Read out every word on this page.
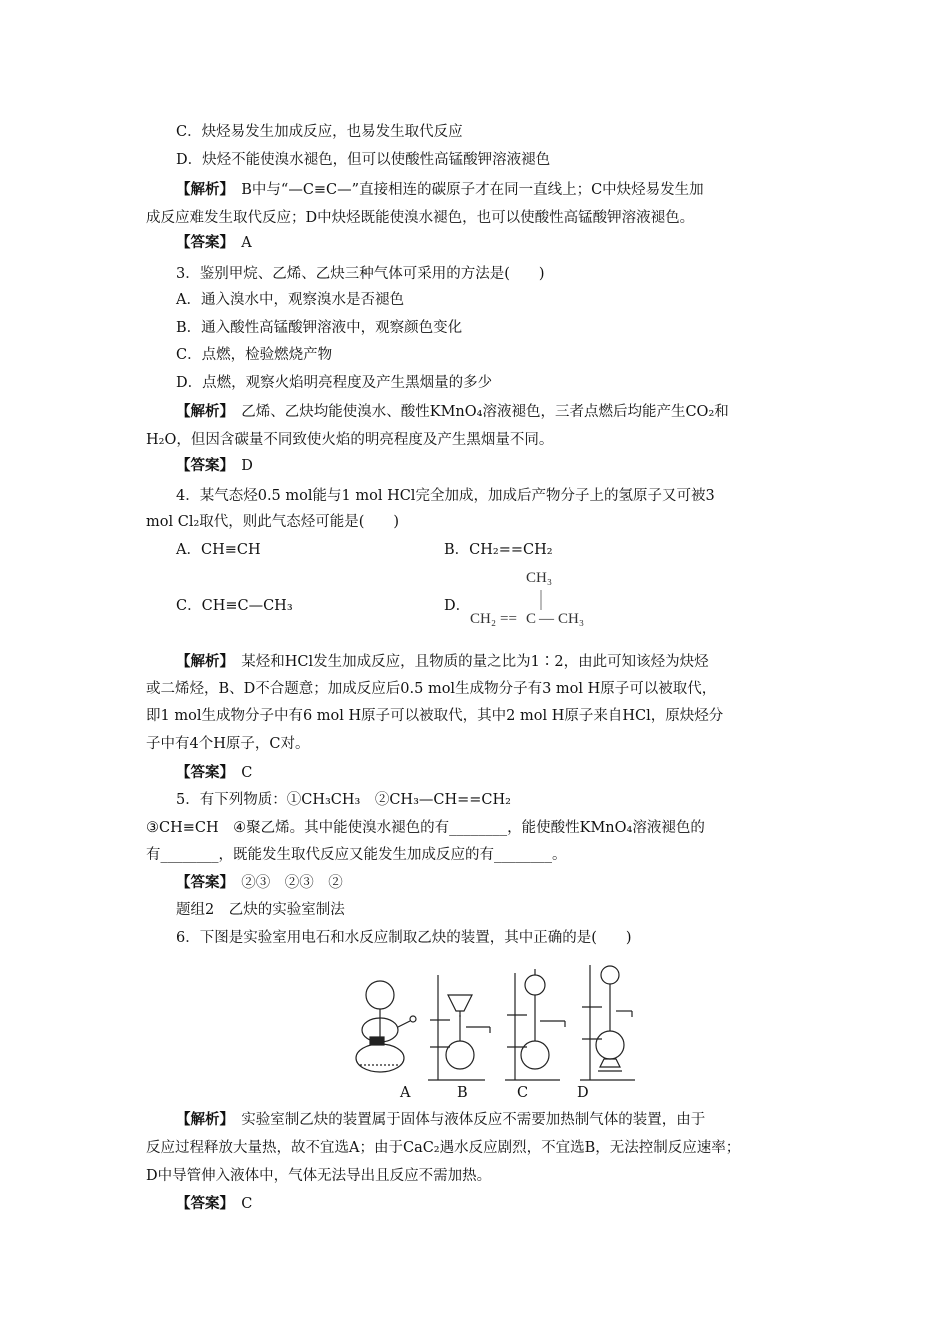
C．炔烃易发生加成反应，也易发生取代反应
D．炔烃不能使溴水褪色，但可以使酸性高锰酸钾溶液褪色
【解析】　B中与“—C≡C—”直接相连的碳原子才在同一直线上；C中炔烃易发生加
成反应难发生取代反应；D中炔烃既能使溴水褪色，也可以使酸性高锰酸钾溶液褪色。
【答案】　A
3．鉴别甲烷、乙烯、乙炔三种气体可采用的方法是(　　)
A．通入溴水中，观察溴水是否褪色
B．通入酸性高锰酸钾溶液中，观察颜色变化
C．点燃，检验燃烧产物
D．点燃，观察火焰明亮程度及产生黑烟量的多少
【解析】　乙烯、乙炔均能使溴水、酸性KMnO₄溶液褪色，三者点燃后均能产生CO₂和
H₂O，但因含碳量不同致使火焰的明亮程度及产生黑烟量不同。
【答案】　D
4．某气态烃0.5 mol能与1 mol HCl完全加成，加成后产物分子上的氢原子又可被3
mol Cl₂取代，则此气态烃可能是(　　)
A．CH≡CH	B．CH₂==CH₂
C．CH≡C—CH₃	D．
CH₃
CH₂ == C — CH₃
【解析】　某烃和HCl发生加成反应，且物质的量之比为1∶2，由此可知该烃为炔烃
或二烯烃，B、D不合题意；加成反应后0.5 mol生成物分子有3 mol H原子可以被取代，
即1 mol生成物分子中有6 mol H原子可以被取代，其中2 mol H原子来自HCl，原炔烃分
子中有4个H原子，C对。
【答案】　C
5．有下列物质：①CH₃CH₃　②CH₃—CH==CH₂
③CH≡CH　④聚乙烯。其中能使溴水褪色的有________，能使酸性KMnO₄溶液褪色的
有________，既能发生取代反应又能发生加成反应的有________。
【答案】　②③　②③　②
题组2　乙炔的实验室制法
6．下图是实验室用电石和水反应制取乙炔的装置，其中正确的是(　　)
A	B	C	D
【解析】　实验室制乙炔的装置属于固体与液体反应不需要加热制气体的装置，由于
反应过程释放大量热，故不宜选A；由于CaC₂遇水反应剧烈，不宜选B，无法控制反应速率；
D中导管伸入液体中，气体无法导出且反应不需加热。
【答案】　C
